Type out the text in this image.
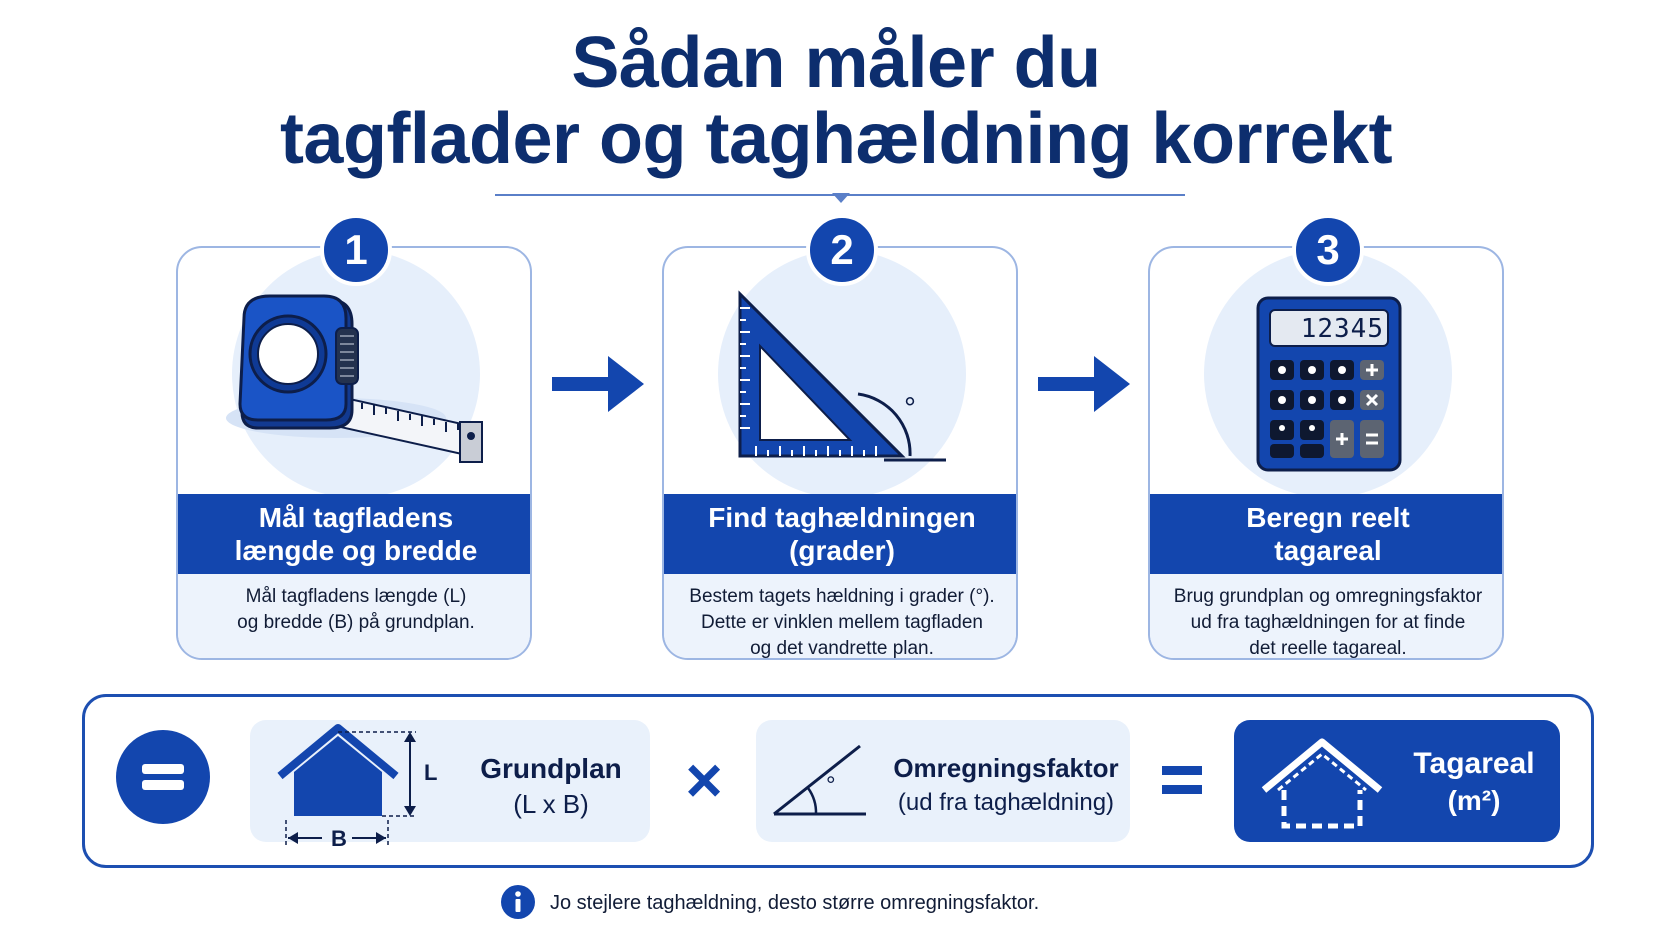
Sådan måler du
tagflader og taghældning korrekt
Mål tagfladens
længde og bredde
Mål tagfladens længde (L)
og bredde (B) på grundplan.
1
°
Find taghældningen
(grader)
Bestem tagets hældning i grader (°).
Dette er vinklen mellem tagfladen
og det vandrette plan.
2
12345
Beregn reelt
tagareal
Brug grundplan og omregningsfaktor
ud fra taghældningen for at finde
det reelle tagareal.
3
L
B
Grundplan
(L x B)	×	°
Omregningsfaktor
(ud fra taghældning)
Tagareal
(m²)
Jo stejlere taghældning, desto større omregningsfaktor.
